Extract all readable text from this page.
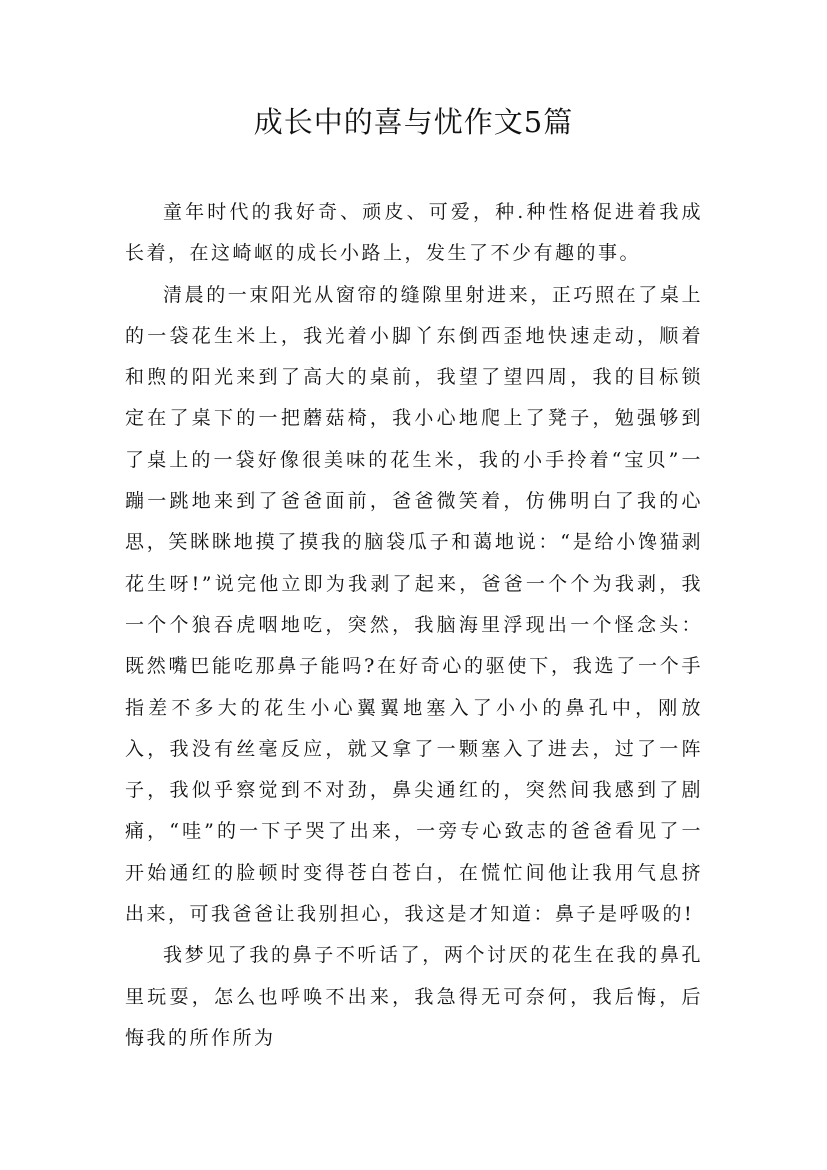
成长中的喜与忧作文5篇

童年时代的我好奇、顽皮、可爱，种.种性格促进着我成长着，在这崎岖的成长小路上，发生了不少有趣的事。

清晨的一束阳光从窗帘的缝隙里射进来，正巧照在了桌上的一袋花生米上，我光着小脚丫东倒西歪地快速走动，顺着和煦的阳光来到了高大的桌前，我望了望四周，我的目标锁定在了桌下的一把蘑菇椅，我小心地爬上了凳子，勉强够到了桌上的一袋好像很美味的花生米，我的小手拎着“宝贝”一蹦一跳地来到了爸爸面前，爸爸微笑着，仿佛明白了我的心思，笑眯眯地摸了摸我的脑袋瓜子和蔼地说：“是给小馋猫剥花生呀!”说完他立即为我剥了起来，爸爸一个个为我剥，我一个个狼吞虎咽地吃，突然，我脑海里浮现出一个怪念头：既然嘴巴能吃那鼻子能吗?在好奇心的驱使下，我选了一个手指差不多大的花生小心翼翼地塞入了小小的鼻孔中，刚放入，我没有丝毫反应，就又拿了一颗塞入了进去，过了一阵子，我似乎察觉到不对劲，鼻尖通红的，突然间我感到了剧痛，“哇”的一下子哭了出来，一旁专心致志的爸爸看见了一开始通红的脸顿时变得苍白苍白，在慌忙间他让我用气息挤出来，可我爸爸让我别担心，我这是才知道：鼻子是呼吸的!

我梦见了我的鼻子不听话了，两个讨厌的花生在我的鼻孔里玩耍，怎么也呼唤不出来，我急得无可奈何，我后悔，后悔我的所作所为
